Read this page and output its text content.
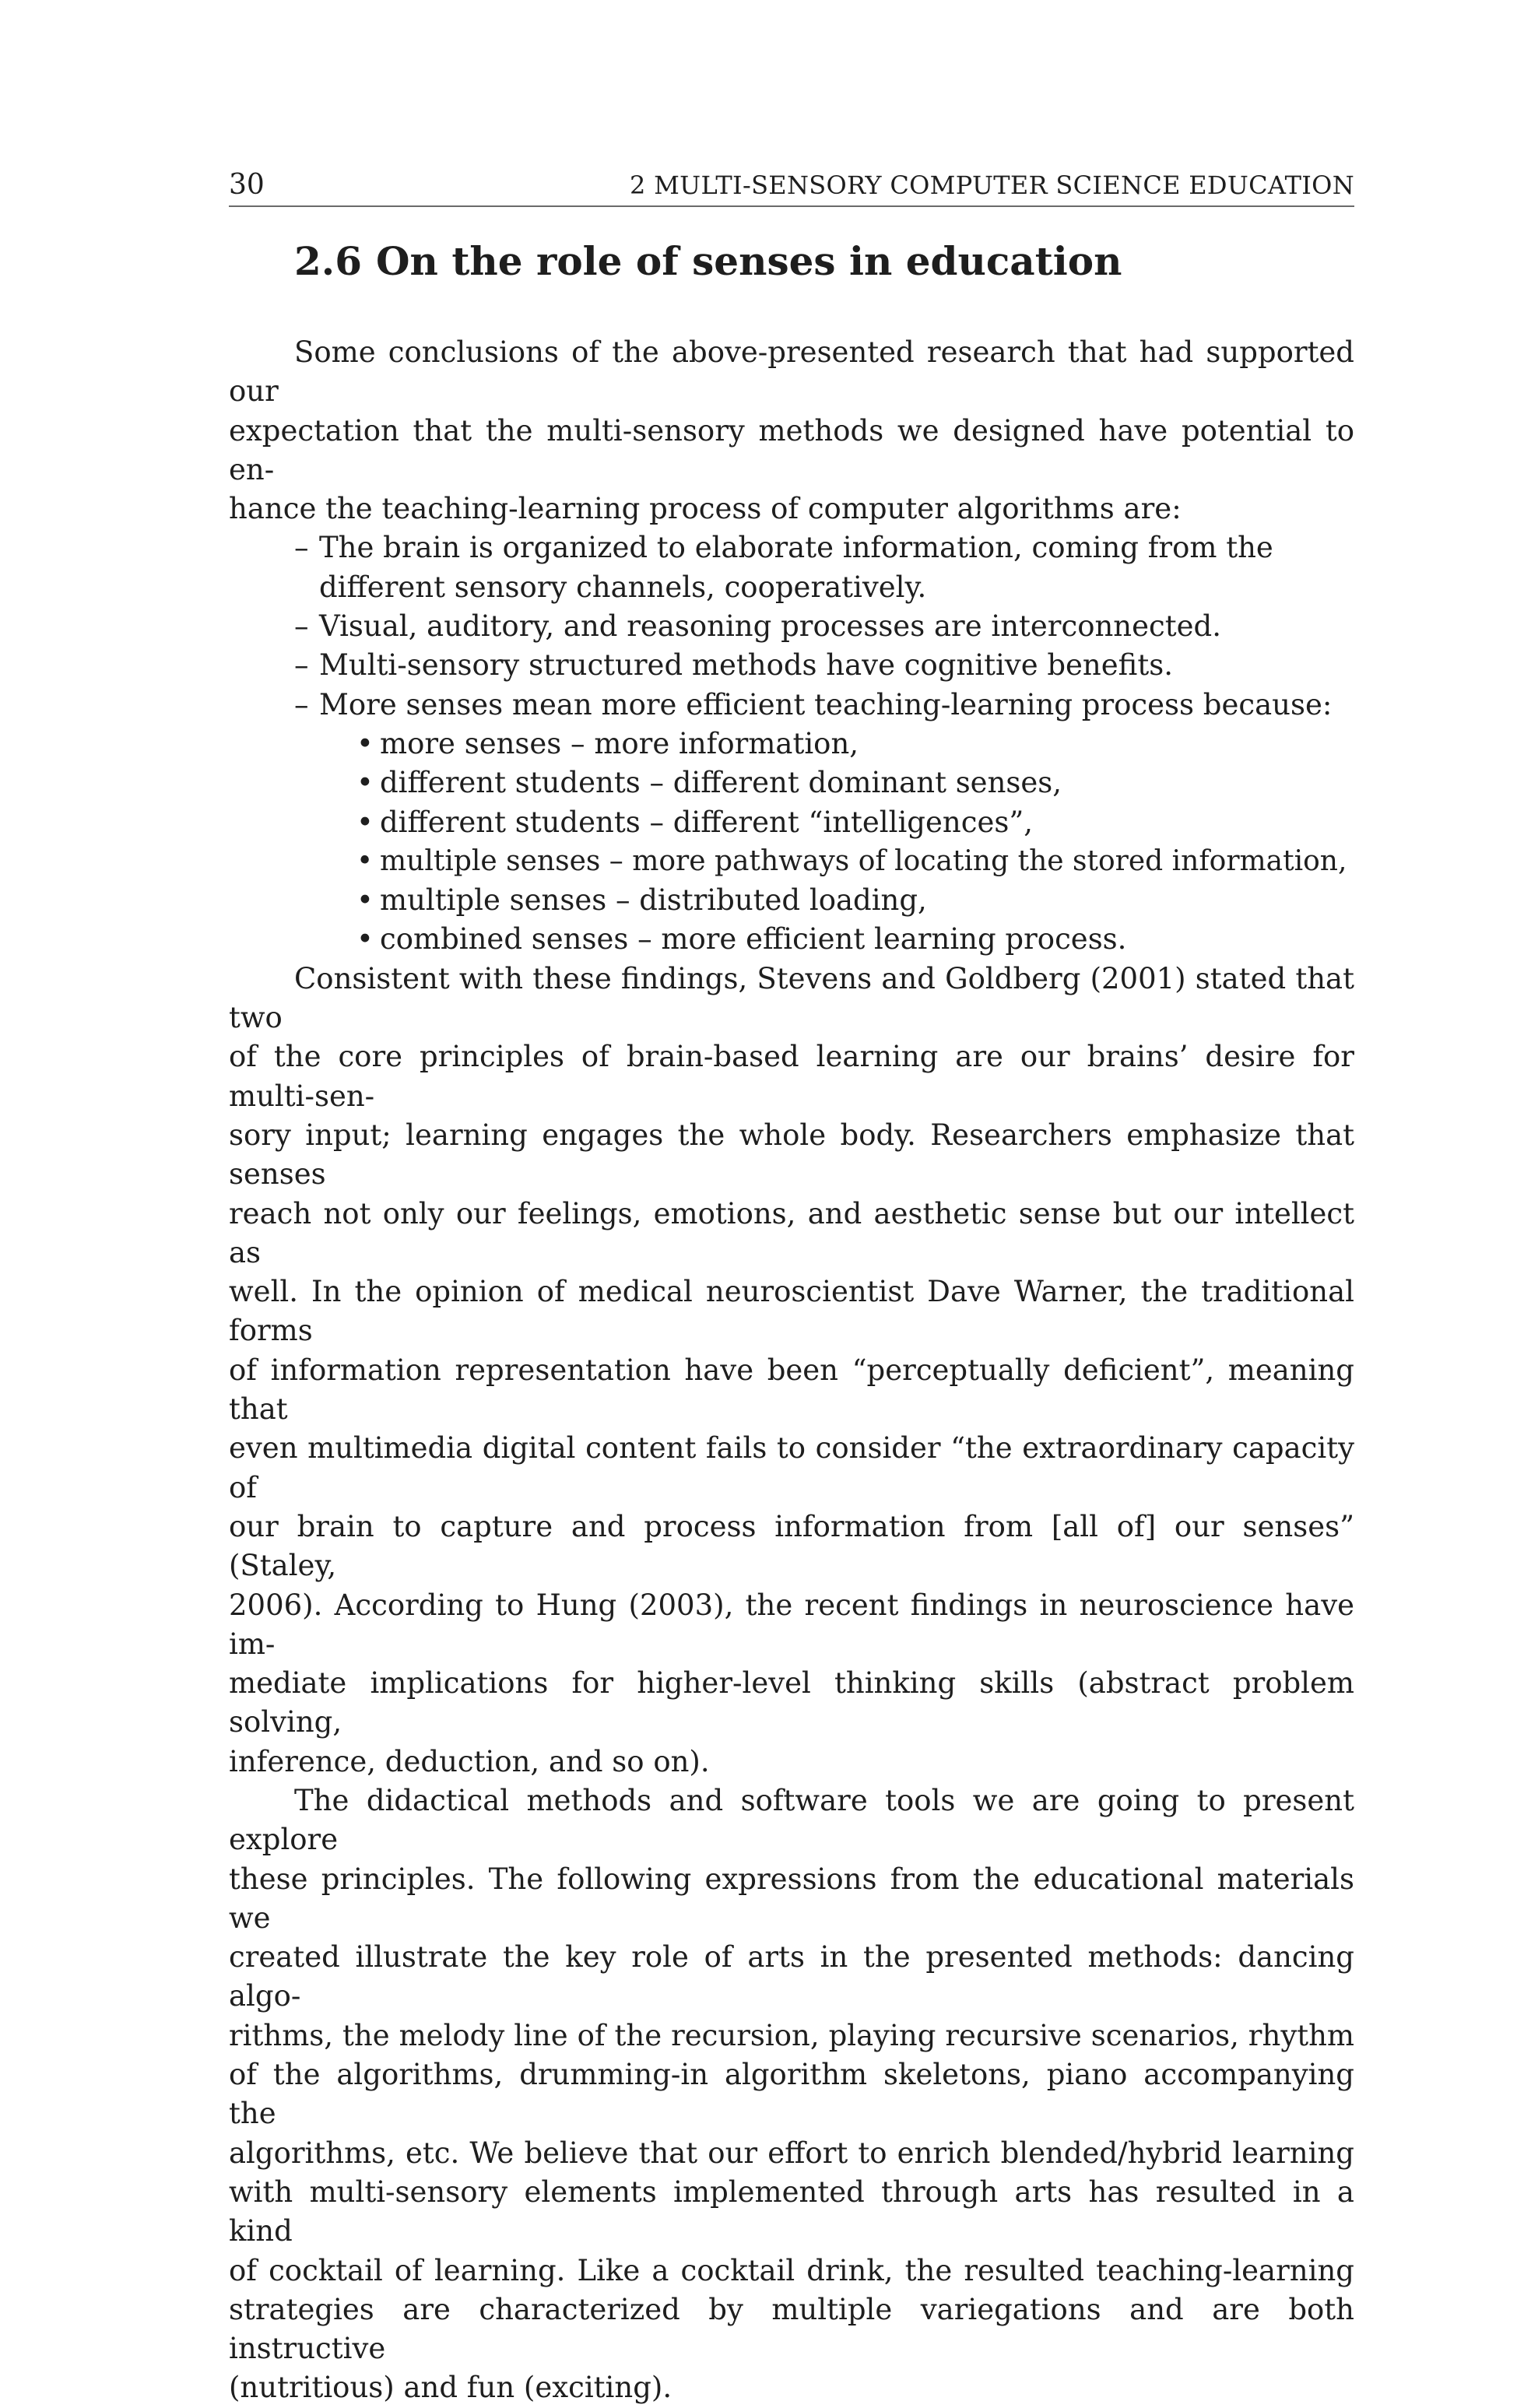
30	2 MULTI-SENSORY COMPUTER SCIENCE EDUCATION
2.6 On the role of senses in education
Some conclusions of the above-presented research that had supported our
expectation that the multi-sensory methods we designed have potential to en-
hance the teaching-learning process of computer algorithms are:
– The brain is organized to elaborate information, coming from the different sensory channels, cooperatively.
– Visual, auditory, and reasoning processes are interconnected.
– Multi-sensory structured methods have cognitive benefits.
– More senses mean more efficient teaching-learning process because:
• more senses – more information,
• different students – different dominant senses,
• different students – different “intelligences”,
• multiple senses – more pathways of locating the stored information,
• multiple senses – distributed loading,
• combined senses – more efficient learning process.
Consistent with these findings, Stevens and Goldberg (2001) stated that two
of the core principles of brain-based learning are our brains’ desire for multi-sen-
sory input; learning engages the whole body. Researchers emphasize that senses
reach not only our feelings, emotions, and aesthetic sense but our intellect as
well. In the opinion of medical neuroscientist Dave Warner, the traditional forms
of information representation have been “perceptually deficient”, meaning that
even multimedia digital content fails to consider “the extraordinary capacity of
our brain to capture and process information from [all of] our senses” (Staley,
2006). According to Hung (2003), the recent findings in neuroscience have im-
mediate implications for higher-level thinking skills (abstract problem solving,
inference, deduction, and so on).
The didactical methods and software tools we are going to present explore
these principles. The following expressions from the educational materials we
created illustrate the key role of arts in the presented methods: dancing algo-
rithms, the melody line of the recursion, playing recursive scenarios, rhythm
of the algorithms, drumming-in algorithm skeletons, piano accompanying the
algorithms, etc. We believe that our effort to enrich blended/hybrid learning
with multi-sensory elements implemented through arts has resulted in a kind
of cocktail of learning. Like a cocktail drink, the resulted teaching-learning
strategies are characterized by multiple variegations and are both instructive
(nutritious) and fun (exciting).
